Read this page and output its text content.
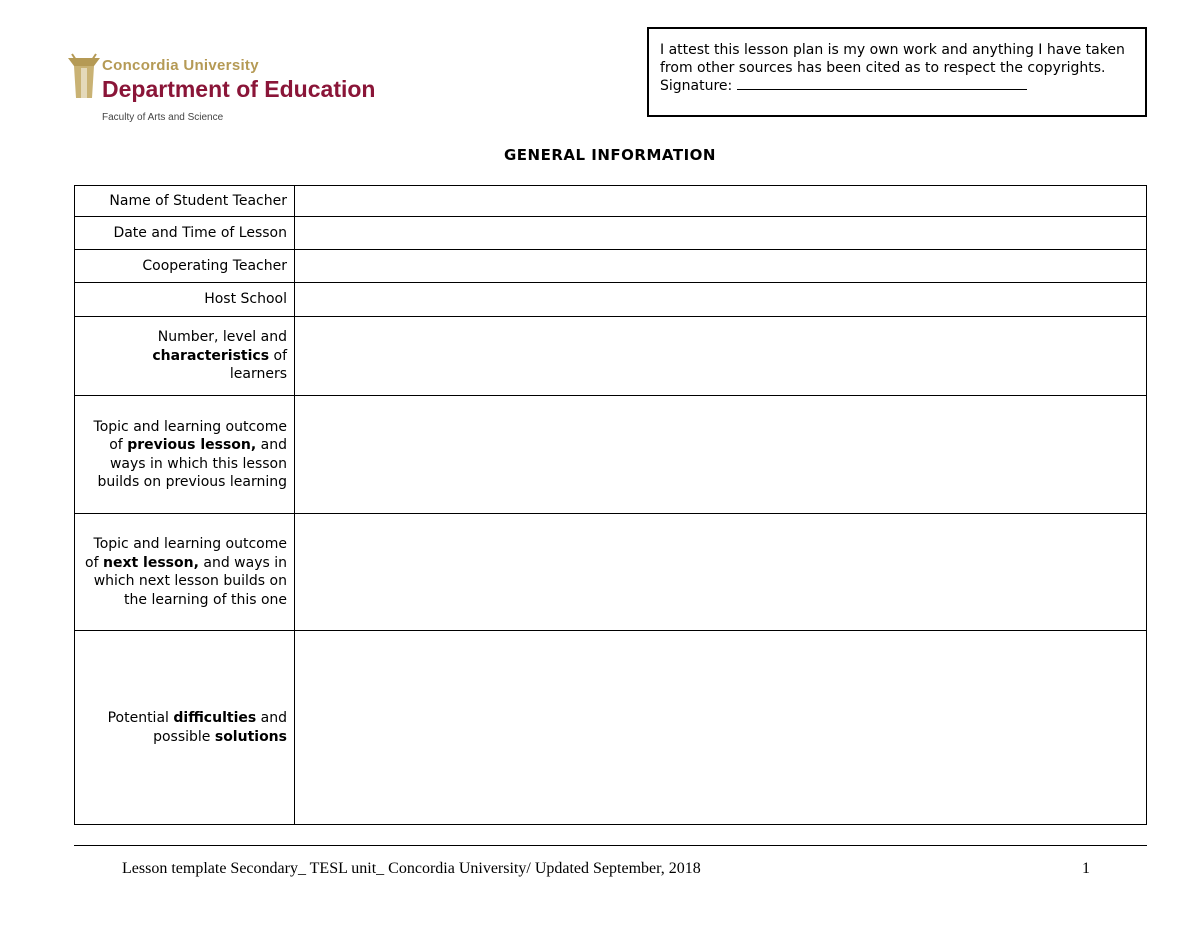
Concordia University
Department of Education
Faculty of Arts and Science
I attest this lesson plan is my own work and anything I have taken from other sources has been cited as to respect the copyrights. Signature:
GENERAL INFORMATION
Name of Student Teacher	
Date and Time of Lesson	
Cooperating Teacher	
Host School	
Number, level and
characteristics of
learners	
Topic and learning outcome of previous lesson, and ways in which this lesson builds on previous learning	
Topic and learning outcome of next lesson, and ways in which next lesson builds on the learning of this one	
Potential difficulties and possible solutions	
Lesson template Secondary_ TESL unit_ Concordia University/ Updated September, 2018	1
